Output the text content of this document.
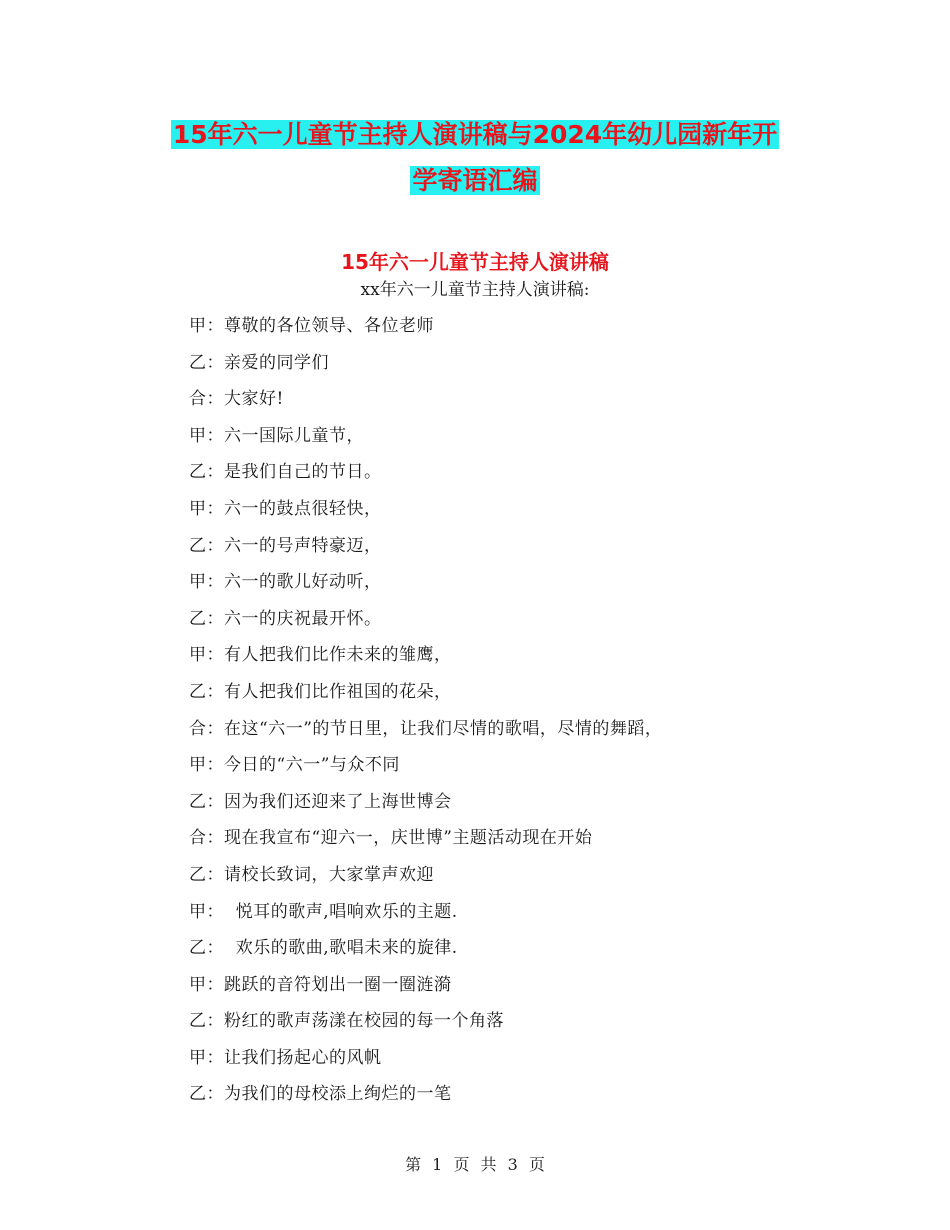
15年六一儿童节主持人演讲稿与2024年幼儿园新年开
学寄语汇编
15年六一儿童节主持人演讲稿
xx年六一儿童节主持人演讲稿:
甲：尊敬的各位领导、各位老师
乙：亲爱的同学们
合：大家好!
甲：六一国际儿童节，
乙：是我们自己的节日。
甲：六一的鼓点很轻快，
乙：六一的号声特豪迈，
甲：六一的歌儿好动听，
乙：六一的庆祝最开怀。
甲：有人把我们比作未来的雏鹰，
乙：有人把我们比作祖国的花朵，
合：在这“六一”的节日里，让我们尽情的歌唱，尽情的舞蹈，
甲：今日的“六一”与众不同
乙：因为我们还迎来了上海世博会
合：现在我宣布“迎六一，庆世博”主题活动现在开始
乙：请校长致词，大家掌声欢迎
甲：  悦耳的歌声,唱响欢乐的主题.
乙：  欢乐的歌曲,歌唱未来的旋律.
甲：跳跃的音符划出一圈一圈涟漪
乙：粉红的歌声荡漾在校园的每一个角落
甲：让我们扬起心的风帆
乙：为我们的母校添上绚烂的一笔
第 1 页 共 3 页
